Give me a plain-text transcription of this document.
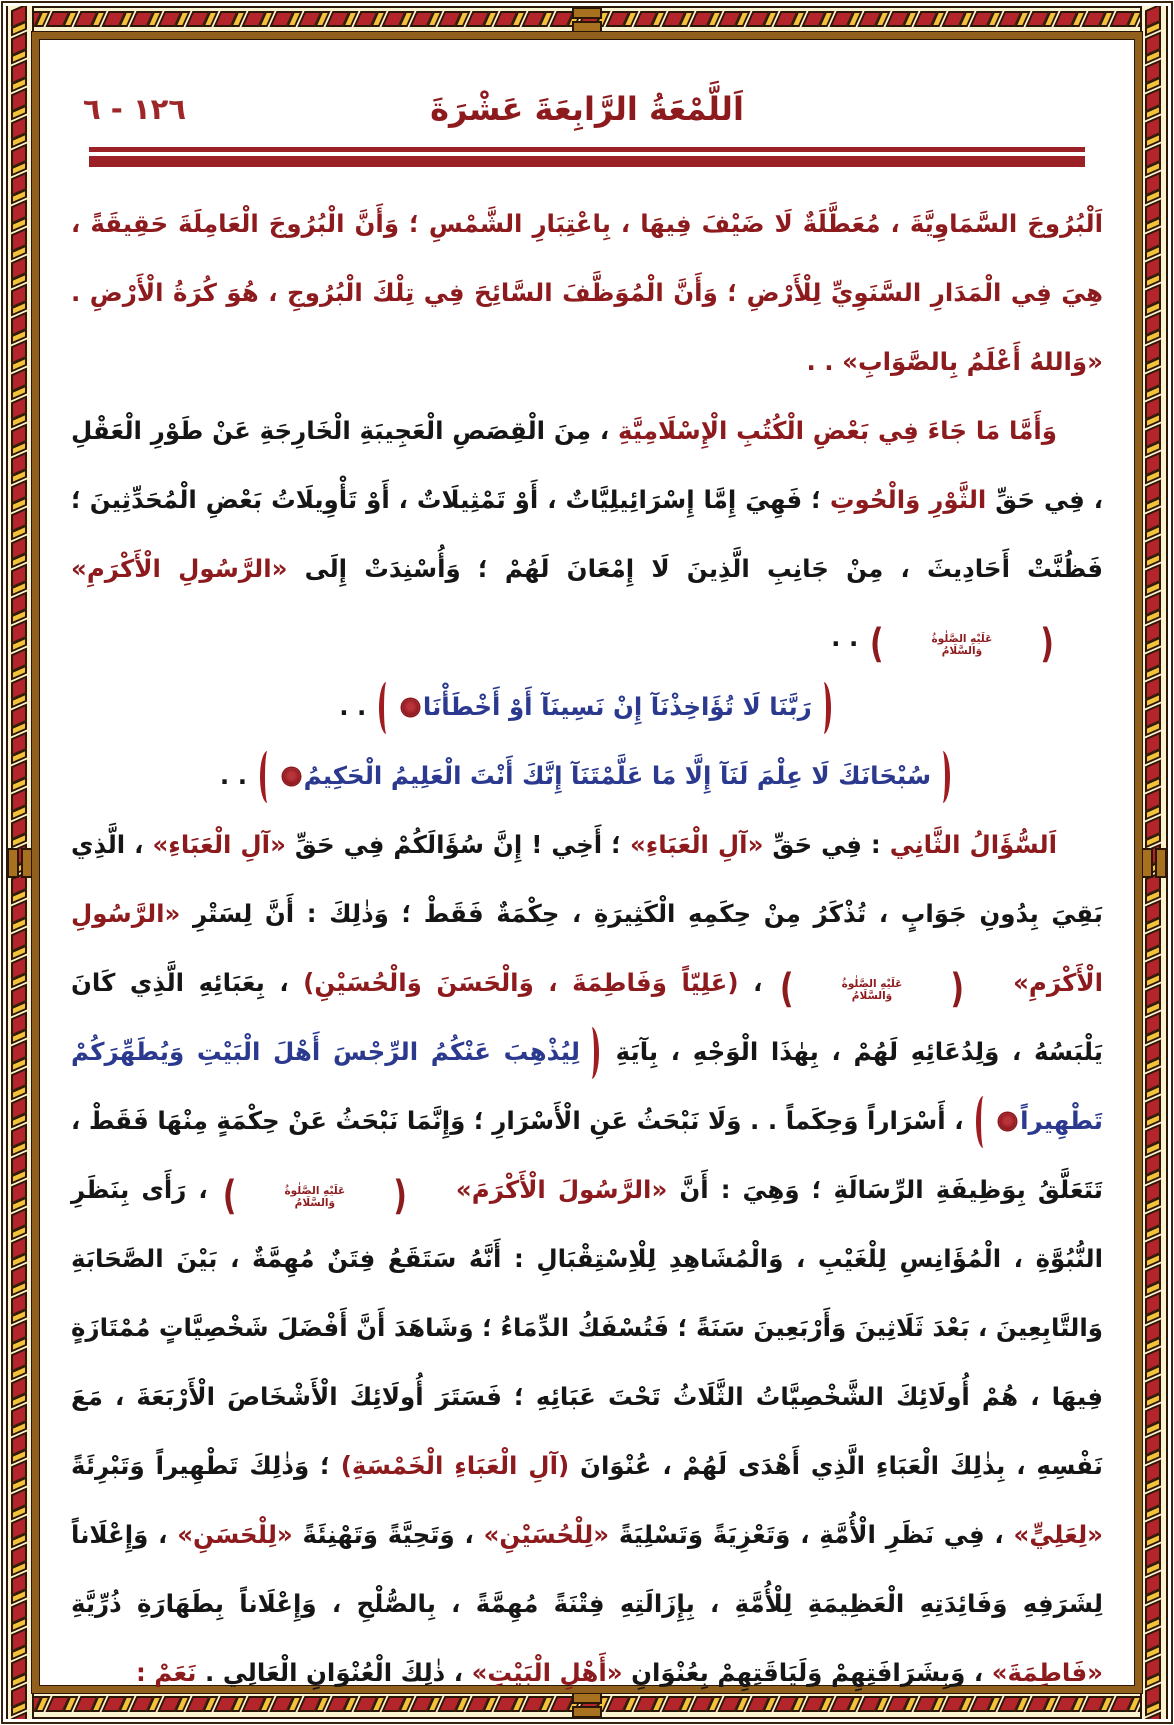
اَللَّمْعَةُ الرَّابِعَةَ عَشْرَةَ
١٢٦ - ٦
اَلْبُرُوجَ السَّمَاوِيَّةَ ، مُعَطَّلَةٌ لَا ضَيْفَ فِيهَا ، بِاعْتِبَارِ الشَّمْسِ ؛ وَأَنَّ الْبُرُوجَ الْعَامِلَةَ حَقِيقَةً ، هِيَ فِي الْمَدَارِ السَّنَوِيِّ لِلْأَرْضِ ؛ وَأَنَّ الْمُوَظَّفَ السَّائِحَ فِي تِلْكَ الْبُرُوجِ ، هُوَ كُرَةُ الْأَرْضِ . «وَاللهُ أَعْلَمُ بِالصَّوَابِ» . .
وَأَمَّا مَا جَاءَ فِي بَعْضِ الْكُتُبِ الْإِسْلَامِيَّةِ ، مِنَ الْقِصَصِ الْعَجِيبَةِ الْخَارِجَةِ عَنْ طَوْرِ الْعَقْلِ ، فِي حَقِّ الثَّوْرِ وَالْحُوتِ ؛ فَهِيَ إِمَّا إِسْرَائِيلِيَّاتٌ ، أَوْ تَمْثِيلَاتٌ ، أَوْ تَأْوِيلَاتُ بَعْضِ الْمُحَدِّثِينَ ؛ فَظُنَّتْ أَحَادِيثَ ، مِنْ جَانِبِ الَّذِينَ لَا إِمْعَانَ لَهُمْ ؛ وَأُسْنِدَتْ إِلَى «الرَّسُولِ الْأَكْرَمِ»
(
عَلَيْهِ الصَّلٰوةُ
وَالسَّلَامُ
)
. .
رَبَّنَا لَا تُؤَاخِذْنَآ إِنْ نَسِينَآ أَوْ أَخْطَأْنَا . .
سُبْحَانَكَ لَا عِلْمَ لَنَآ إِلَّا مَا عَلَّمْتَنَآ إِنَّكَ أَنْتَ الْعَلِيمُ الْحَكِيمُ . .
اَلسُّؤَالُ الثَّانِي : فِي حَقِّ «آلِ الْعَبَاءِ» ؛ أَخِي ! إِنَّ سُؤَالَكُمْ فِي حَقِّ «آلِ الْعَبَاءِ» ، الَّذِي بَقِيَ بِدُونِ جَوَابٍ ، تُذْكَرُ مِنْ حِكَمِهِ الْكَثِيرَةِ ، حِكْمَةٌ فَقَطْ ؛ وَذٰلِكَ : أَنَّ لِسَتْرِ «الرَّسُولِ الْأَكْرَمِ»
(
عَلَيْهِ الصَّلٰوةُ
وَالسَّلَامُ
)
، (عَلِيّاً وَفَاطِمَةَ ، وَالْحَسَنَ وَالْحُسَيْنِ) ، بِعَبَائِهِ الَّذِي كَانَ يَلْبَسُهُ ، وَلِدُعَائِهِ لَهُمْ ، بِهٰذَا الْوَجْهِ ، بِآيَةِ لِيُذْهِبَ عَنْكُمُ الرِّجْسَ أَهْلَ الْبَيْتِ وَيُطَهِّرَكُمْ تَطْهِيراً ، أَسْرَاراً وَحِكَماً . . وَلَا نَبْحَثُ عَنِ الْأَسْرَارِ ؛ وَإِنَّمَا نَبْحَثُ عَنْ حِكْمَةٍ مِنْهَا فَقَطْ ، تَتَعَلَّقُ بِوَظِيفَةِ الرِّسَالَةِ ؛ وَهِيَ : أَنَّ «الرَّسُولَ الْأَكْرَمَ»
(
عَلَيْهِ الصَّلٰوةُ
وَالسَّلَامُ
)
، رَأَى بِنَظَرِ النُّبُوَّةِ ، الْمُؤَانِسِ لِلْغَيْبِ ، وَالْمُشَاهِدِ لِلْاِسْتِقْبَالِ : أَنَّهُ سَتَقَعُ فِتَنٌ مُهِمَّةٌ ، بَيْنَ الصَّحَابَةِ وَالتَّابِعِينَ ، بَعْدَ ثَلَاثِينَ وَأَرْبَعِينَ سَنَةً ؛ فَتُسْفَكُ الدِّمَاءُ ؛ وَشَاهَدَ أَنَّ أَفْضَلَ شَخْصِيَّاتٍ مُمْتَازَةٍ فِيهَا ، هُمْ أُولَائِكَ الشَّخْصِيَّاتُ الثَّلَاثُ تَحْتَ عَبَائِهِ ؛ فَسَتَرَ أُولَائِكَ الْأَشْخَاصَ الْأَرْبَعَةَ ، مَعَ نَفْسِهِ ، بِذٰلِكَ الْعَبَاءِ الَّذِي أَهْدَى لَهُمْ ، عُنْوَانَ (آلِ الْعَبَاءِ الْخَمْسَةِ) ؛ وَذٰلِكَ تَطْهِيراً وَتَبْرِئَةً «لِعَلِيٍّ» ، فِي نَظَرِ الْأُمَّةِ ، وَتَعْزِيَةً وَتَسْلِيَةً «لِلْحُسَيْنِ» ، وَتَحِيَّةً وَتَهْنِئَةً «لِلْحَسَنِ» ، وَإِعْلَاناً لِشَرَفِهِ وَفَائِدَتِهِ الْعَظِيمَةِ لِلْأُمَّةِ ، بِإِزَالَتِهِ فِتْنَةً مُهِمَّةً ، بِالصُّلْحِ ، وَإِعْلَاناً بِطَهَارَةِ ذُرِّيَّةِ «فَاطِمَةَ» ، وَبِشَرَافَتِهِمْ وَلَيَاقَتِهِمْ بِعُنْوَانِ «أَهْلِ الْبَيْتِ» ، ذٰلِكَ الْعُنْوَانِ الْعَالِي . نَعَمْ :
